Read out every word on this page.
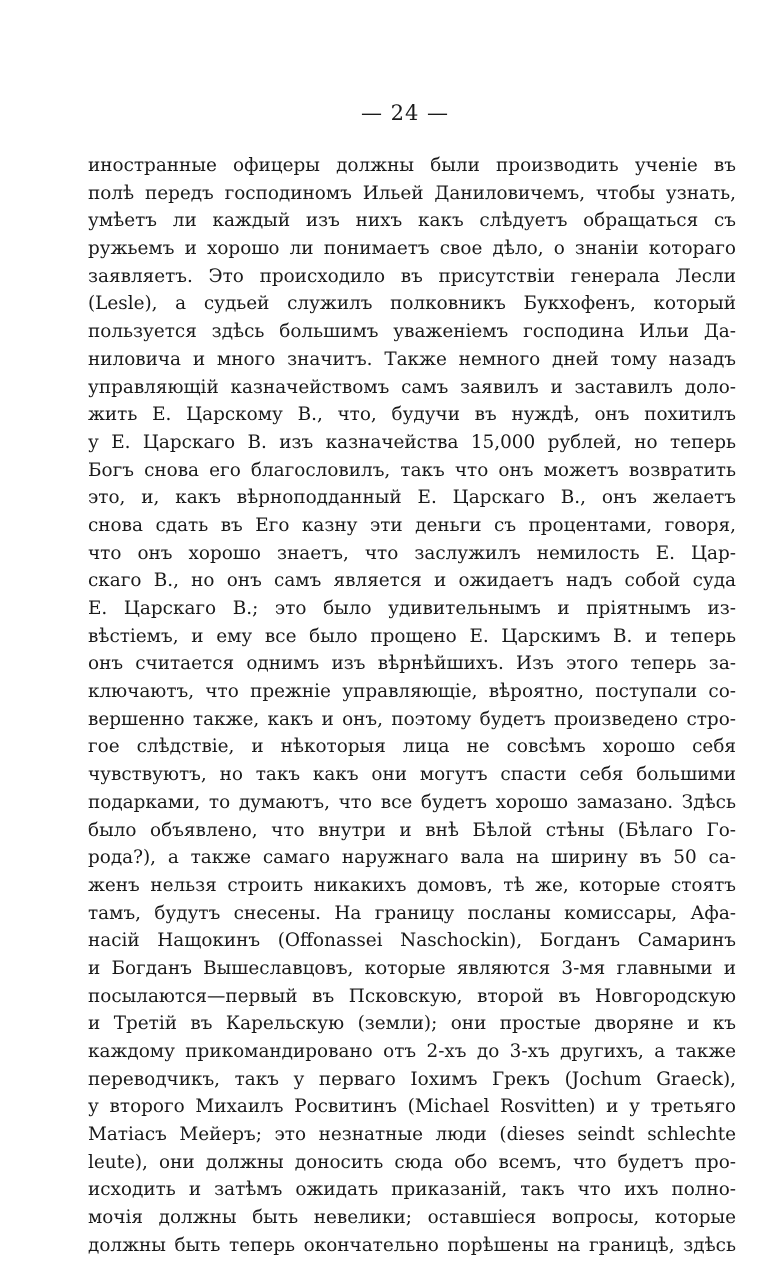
— 24 —
иностранные офицеры должны были производить ученіе въ
полѣ передъ господиномъ Ильей Даниловичемъ, чтобы узнать,
умѣетъ ли каждый изъ нихъ какъ слѣдуетъ обращаться съ
ружьемъ и хорошо ли понимаетъ свое дѣло, о знаніи котораго
заявляетъ. Это происходило въ присутствіи генерала Лесли
(Lesle), а судьей служилъ полковникъ Букхофенъ, который
пользуется здѣсь большимъ уваженіемъ господина Ильи Да-
ниловича и много значитъ. Также немного дней тому назадъ
управляющій казначействомъ самъ заявилъ и заставилъ доло-
жить Е. Царскому В., что, будучи въ нуждѣ, онъ похитилъ
у Е. Царскаго В. изъ казначейства 15,000 рублей, но теперь
Богъ снова его благословилъ, такъ что онъ можетъ возвратить
это, и, какъ вѣрноподданный Е. Царскаго В., онъ желаетъ
снова сдать въ Его казну эти деньги съ процентами, говоря,
что онъ хорошо знаетъ, что заслужилъ немилость Е. Цар-
скаго В., но онъ самъ является и ожидаетъ надъ собой суда
Е. Царскаго В.; это было удивительнымъ и пріятнымъ из-
вѣстіемъ, и ему все было прощено Е. Царскимъ В. и теперь
онъ считается однимъ изъ вѣрнѣйшихъ. Изъ этого теперь за-
ключаютъ, что прежніе управляющіе, вѣроятно, поступали со-
вершенно также, какъ и онъ, поэтому будетъ произведено стро-
гое слѣдствіе, и нѣкоторыя лица не совсѣмъ хорошо себя
чувствуютъ, но такъ какъ они могутъ спасти себя большими
подарками, то думаютъ, что все будетъ хорошо замазано. Здѣсь
было объявлено, что внутри и внѣ Бѣлой стѣны (Бѣлаго Го-
рода?), а также самаго наружнаго вала на ширину въ 50 са-
женъ нельзя строить никакихъ домовъ, тѣ же, которые стоятъ
тамъ, будутъ снесены. На границу посланы комиссары, Афа-
насій Нащокинъ (Offonassei Naschockin), Богданъ Самаринъ
и Богданъ Вышеславцовъ, которые являются 3-мя главными и
посылаются—первый въ Псковскую, второй въ Новгородскую
и Третій въ Карельскую (земли); они простые дворяне и къ
каждому прикомандировано отъ 2-хъ до 3-хъ другихъ, а также
переводчикъ, такъ у перваго Іохимъ Грекъ (Jochum Graeck),
у второго Михаилъ Росвитинъ (Michael Rosvitten) и у третьяго
Матіасъ Мейеръ; это незнатные люди (dieses seindt schlechte
leute), они должны доносить сюда обо всемъ, что будетъ про-
исходить и затѣмъ ожидать приказаній, такъ что ихъ полно-
мочія должны быть невелики; оставшіеся вопросы, которые
должны быть теперь окончательно порѣшены на границѣ, здѣсь
